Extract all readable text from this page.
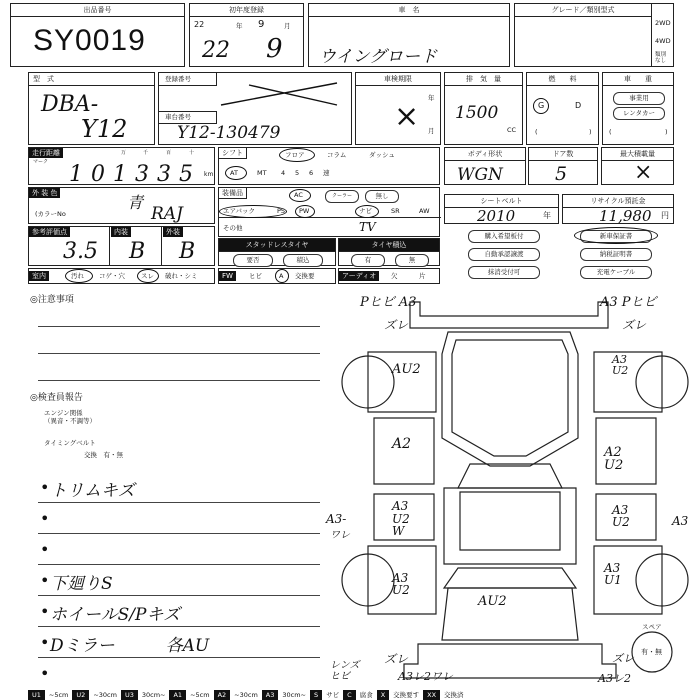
出品番号
SY0019
初年度登録
22	年 9	月
22 9
車　名
ウイングロード
グレード／類別型式
2WD
4WD
類別
なし
型　式
DBA-
Y12
登録番号
車台番号
Y12-130479
車検期限
年
月
×
排　気　量
1500
CC
燃　　料
G	D
(	)
車　　重
事業用
レンタカー
(	)
走行距離
マーク
万	千	百	十
km
1 0 1 3 3 5
シフト	フロア	コラム	ダッシュ
AT	MT 4 5 6 速
ボディ形状
WGN
ドア数
5
最大積載量
×
外 装 色	青
(カラーNo	RAJ
装備品	AC	クーラー	無し
エアバック	PS PW	ナビ	SR	AW
その他	TV
シートベルト
2010	年
リサイクル預託金
11,980 円
参考評価点	内装	外装
3.5 B B	スタッドレスタイヤ
要否	積込
タイヤ積込
有	無
購入希望板付	新車保証書
自動承認譲渡	納税証明書
抹消受付可	充電ケーブル
室内	汚れ コゲ・穴 スレ 破れ・シミ	FW	ヒビ	A 交換要	アーディオ	欠	片
◎注意事項
◎検査員報告
エンジン関係
（異音・不調等）
タイミングベルト
交換　有・無
• トリムキズ
•
•
• 下廻りS
• ホイールS/Pキズ
• Dミラー　　　各AU
•
Pヒビ A3
ズレ
A3 Pヒビ
ズレ
AU2
A3
U2
A2
A2
U2
A3-
ワレ
A3
U2
W
A3
U2	A3
A3
U2
A3
U1
AU2
レンズヒビ
ズレ
A3レ2ワレ	A3レ2
ズレ
スペア
有・無
U1	~5cm	U2	~30cm	U3	30cm~	A1	~5cm	A2	~30cm	A3	30cm~	S	サビ	C	腐食	X	交換要す	XX	交換済
